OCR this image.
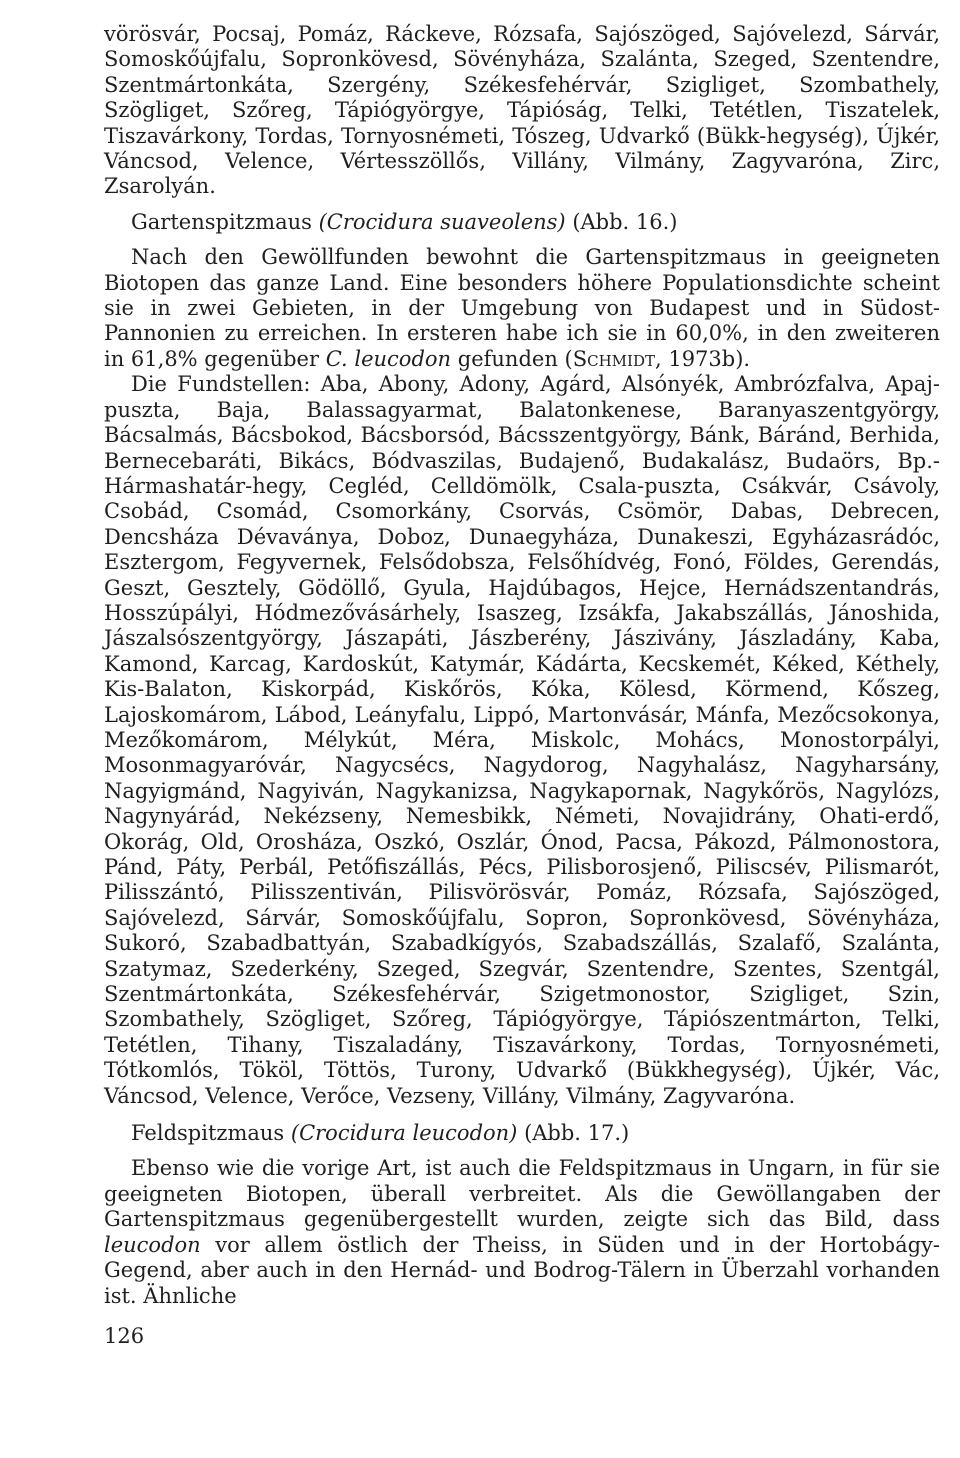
vörösvár, Pocsaj, Pomáz, Ráckeve, Rózsafa, Sajószöged, Sajóvelezd, Sárvár, Somoskőújfalu, Sopronkövesd, Sövényháza, Szalánta, Szeged, Szentendre, Szentmártonkáta, Szergény, Székesfehérvár, Szigliget, Szombathely, Szögliget, Szőreg, Tápiógyörgye, Tápióság, Telki, Tetétlen, Tiszatelek, Tiszavárkony, Tordas, Tornyosnémeti, Tószeg, Udvarkő (Bükk-hegység), Újkér, Váncsod, Velence, Vértesszöllős, Villány, Vilmány, Zagyvaróna, Zirc, Zsarolyán.

Gartenspitzmaus (Crocidura suaveolens) (Abb. 16.)

Nach den Gewöllfunden bewohnt die Gartenspitzmaus in geeigneten Biotopen das ganze Land. Eine besonders höhere Populationsdichte scheint sie in zwei Gebieten, in der Umgebung von Budapest und in Südost-Pannonien zu erreichen. In ersteren habe ich sie in 60,0%, in den zweiteren in 61,8% gegenüber C. leucodon gefunden (Schmidt, 1973b).

Die Fundstellen: Aba, Abony, Adony, Agárd, Alsónyék, Ambrózfalva, Apaj-puszta, Baja, Balassagyarmat, Balatonkenese, Baranyaszentgyörgy, Bácsalmás, Bácsbokod, Bácsborsód, Bácsszentgyörgy, Bánk, Báránd, Berhida, Bernecebaráti, Bikács, Bódvaszilas, Budajenő, Budakalász, Budaörs, Bp.-Hármashatár-hegy, Cegléd, Celldömölk, Csala-puszta, Csákvár, Csávoly, Csobád, Csomád, Csomorkány, Csorvás, Csömör, Dabas, Debrecen, Dencsháza Dévaványa, Doboz, Dunaegyháza, Dunakeszi, Egyházasrádóc, Esztergom, Fegyvernek, Felsődobsza, Felsőhídvég, Fonó, Földes, Gerendás, Geszt, Gesztely, Gödöllő, Gyula, Hajdúbagos, Hejce, Hernádszentandrás, Hosszúpályi, Hódmezővásárhely, Isaszeg, Izsákfa, Jakabszállás, Jánoshida, Jászalsószentgyörgy, Jászapáti, Jászberény, Jászivány, Jászladány, Kaba, Kamond, Karcag, Kardoskút, Katymár, Kádárta, Kecskemét, Kéked, Kéthely, Kis-Balaton, Kiskorpád, Kiskőrös, Kóka, Kölesd, Körmend, Kőszeg, Lajoskomárom, Lábod, Leányfalu, Lippó, Martonvásár, Mánfa, Mezőcsokonya, Mezőkomárom, Mélykút, Méra, Miskolc, Mohács, Monostorpályi, Mosonmagyaróvár, Nagycsécs, Nagydorog, Nagyhalász, Nagyharsány, Nagyigmánd, Nagyiván, Nagykanizsa, Nagykapornak, Nagykőrös, Nagylózs, Nagynyárád, Nekézseny, Nemesbikk, Németi, Novajidrány, Ohati-erdő, Okorág, Old, Orosháza, Oszkó, Oszlár, Ónod, Pacsa, Pákozd, Pálmonostora, Pánd, Páty, Perbál, Petőfiszállás, Pécs, Pilisborosjenő, Piliscsév, Pilismarót, Pilisszántó, Pilisszentiván, Pilisvörösvár, Pomáz, Rózsafa, Sajószöged, Sajóvelezd, Sárvár, Somoskőújfalu, Sopron, Sopronkövesd, Sövényháza, Sukoró, Szabadbattyán, Szabadkígyós, Szabadszállás, Szalafő, Szalánta, Szatymaz, Szederkény, Szeged, Szegvár, Szentendre, Szentes, Szentgál, Szentmártonkáta, Székesfehérvár, Szigetmonostor, Szigliget, Szin, Szombathely, Szögliget, Szőreg, Tápiógyörgye, Tápiószentmárton, Telki, Tetétlen, Tihany, Tiszaladány, Tiszavárkony, Tordas, Tornyosnémeti, Tótkomlós, Tököl, Töttös, Turony, Udvarkő (Bükkhegység), Újkér, Vác, Váncsod, Velence, Verőce, Vezseny, Villány, Vilmány, Zagyvaróna.

Feldspitzmaus (Crocidura leucodon) (Abb. 17.)

Ebenso wie die vorige Art, ist auch die Feldspitzmaus in Ungarn, in für sie geeigneten Biotopen, überall verbreitet. Als die Gewöllangaben der Gartenspitzmaus gegenübergestellt wurden, zeigte sich das Bild, dass leucodon vor allem östlich der Theiss, in Süden und in der Hortobágy-Gegend, aber auch in den Hernád- und Bodrog-Tälern in Überzahl vorhanden ist. Ähnliche

126
